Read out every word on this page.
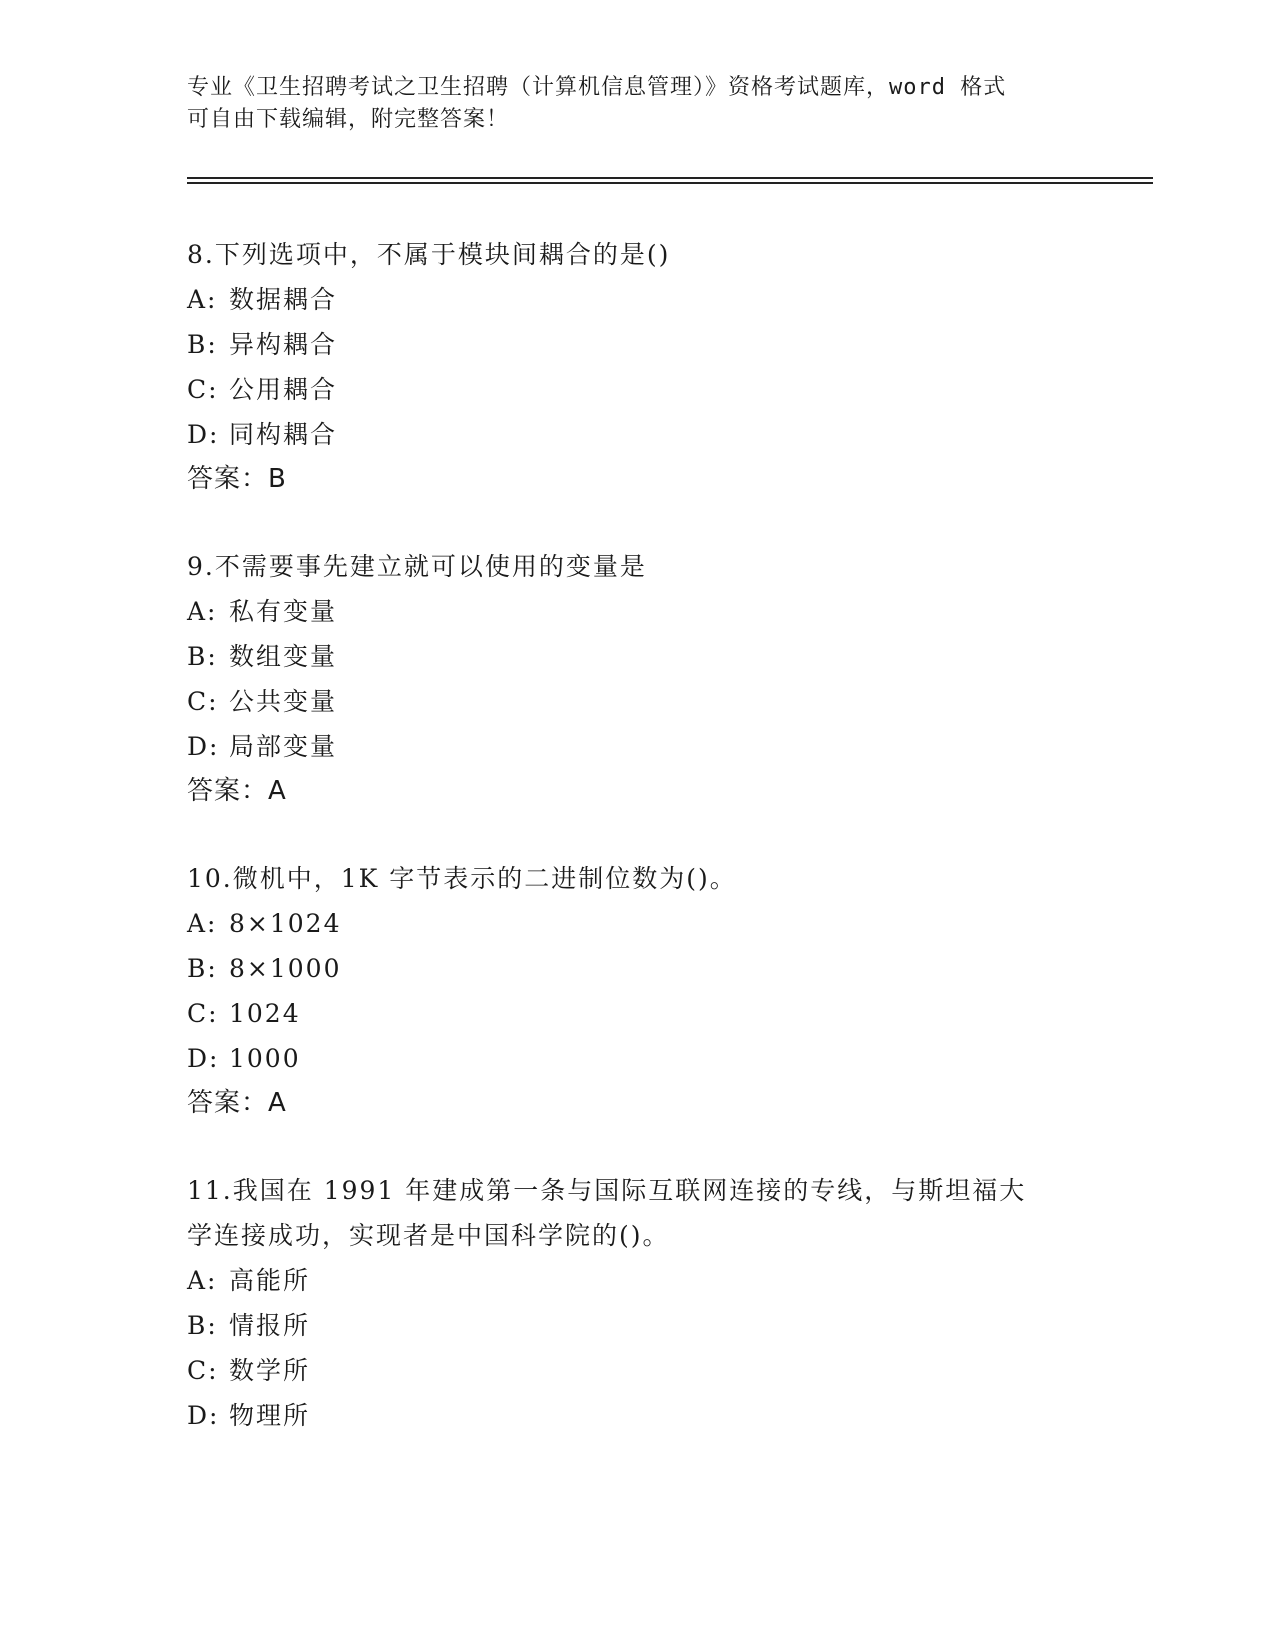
专业《卫生招聘考试之卫生招聘（计算机信息管理）》资格考试题库，word 格式
可自由下载编辑，附完整答案！
8.下列选项中，不属于模块间耦合的是()
A: 数据耦合
B: 异构耦合
C: 公用耦合
D: 同构耦合
答案：B
9.不需要事先建立就可以使用的变量是
A: 私有变量
B: 数组变量
C: 公共变量
D: 局部变量
答案：A
10.微机中，1K 字节表示的二进制位数为()。
A: 8×1024
B: 8×1000
C: 1024
D: 1000
答案：A
11.我国在 1991 年建成第一条与国际互联网连接的专线，与斯坦福大
学连接成功，实现者是中国科学院的()。
A: 高能所
B: 情报所
C: 数学所
D: 物理所
